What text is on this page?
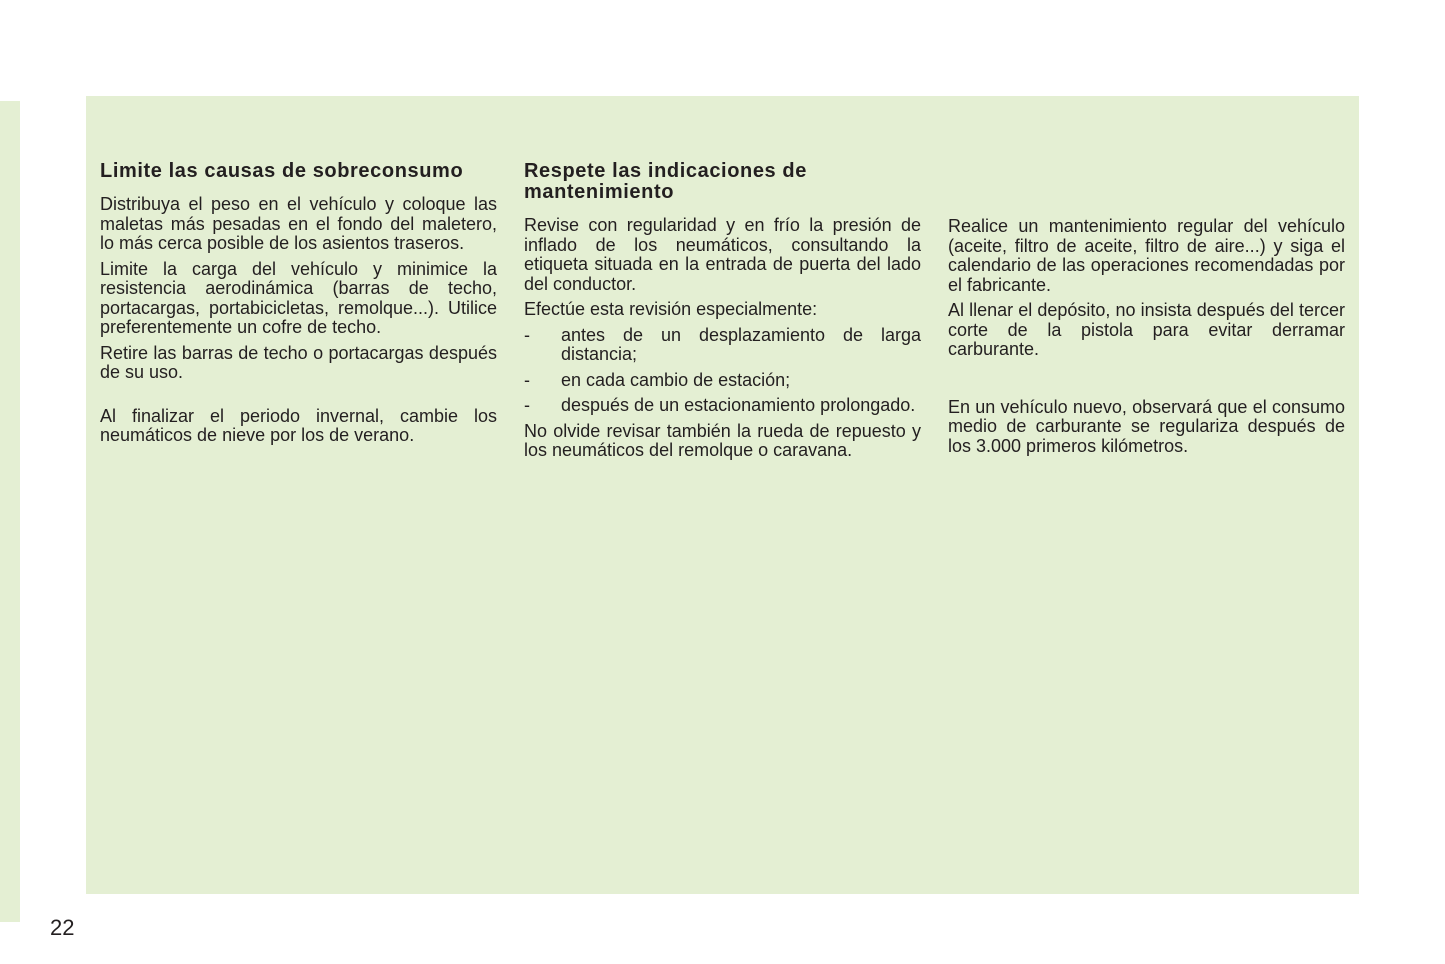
Limite las causas de sobreconsumo

Distribuya el peso en el vehículo y coloque las maletas más pesadas en el fondo del maletero, lo más cerca posible de los asientos traseros.

Limite la carga del vehículo y minimice la resistencia aerodinámica (barras de techo, portacargas, portabicicletas, remolque...). Utilice preferentemente un cofre de techo.

Retire las barras de techo o portacargas después de su uso.

Al finalizar el periodo invernal, cambie los neumáticos de nieve por los de verano.

Respete las indicaciones de mantenimiento

Revise con regularidad y en frío la presión de inflado de los neumáticos, consultando la etiqueta situada en la entrada de puerta del lado del conductor.

Efectúe esta revisión especialmente:

- antes de un desplazamiento de larga distancia;
- en cada cambio de estación;
- después de un estacionamiento prolongado.

No olvide revisar también la rueda de repuesto y los neumáticos del remolque o caravana.

Realice un mantenimiento regular del vehículo (aceite, filtro de aceite, filtro de aire...) y siga el calendario de las operaciones recomendadas por el fabricante.

Al llenar el depósito, no insista después del tercer corte de la pistola para evitar derramar carburante.

En un vehículo nuevo, observará que el consumo medio de carburante se regulariza después de los 3.000 primeros kilómetros.

22
